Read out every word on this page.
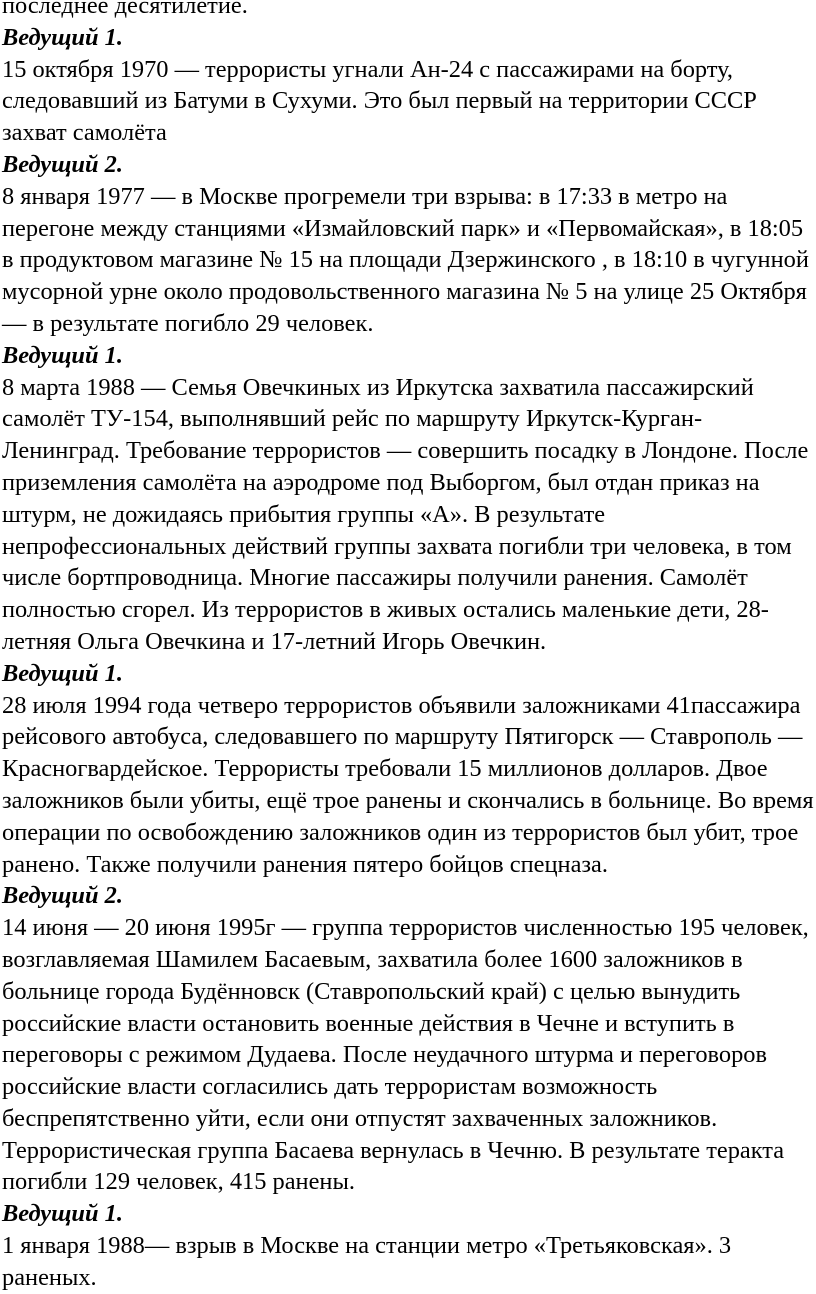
последнее десятилетие.

Ведущий 1.

15 октября 1970 — террористы угнали Ан-24 с пассажирами на борту, следовавший из Батуми в Сухуми. Это был первый на территории СССР захват самолёта

Ведущий 2.

8 января 1977 — в Москве прогремели три взрыва: в 17:33 в метро на перегоне между станциями «Измайловский парк» и «Первомайская», в 18:05 в продуктовом магазине № 15 на площади Дзержинского , в 18:10 в чугунной мусорной урне около продовольственного магазина № 5 на улице 25 Октября — в результате погибло 29 человек.

Ведущий 1.

8 марта 1988 — Семья Овечкиных из Иркутска захватила пассажирский самолёт ТУ-154, выполнявший рейс по маршруту Иркутск-Курган-Ленинград. Требование террористов — совершить посадку в Лондоне. После приземления самолёта на аэродроме под Выборгом, был отдан приказ на штурм, не дожидаясь прибытия группы «А». В результате непрофессиональных действий группы захвата погибли три человека, в том числе бортпроводница. Многие пассажиры получили ранения. Самолёт полностью сгорел. Из террористов в живых остались маленькие дети, 28-летняя Ольга Овечкина и 17-летний Игорь Овечкин.

Ведущий 1.

28 июля 1994 года четверо террористов объявили заложниками 41пассажира рейсового автобуса, следовавшего по маршруту Пятигорск — Ставрополь — Красногвардейское. Террористы требовали 15 миллионов долларов. Двое заложников были убиты, ещё трое ранены и скончались в больнице. Во время операции по освобождению заложников один из террористов был убит, трое ранено. Также получили ранения пятеро бойцов спецназа.

Ведущий 2.

14 июня — 20 июня 1995г — группа террористов численностью 195 человек, возглавляемая Шамилем Басаевым, захватила более 1600 заложников в больнице города Будённовск (Ставропольский край) с целью вынудить российские власти остановить военные действия в Чечне и вступить в переговоры с режимом Дудаева. После неудачного штурма и переговоров российские власти согласились дать террористам возможность беспрепятственно уйти, если они отпустят захваченных заложников. Террористическая группа Басаева вернулась в Чечню. В результате теракта погибли 129 человек, 415 ранены.

Ведущий 1.

1 января 1988— взрыв в Москве на станции метро «Третьяковская». 3 раненых.
